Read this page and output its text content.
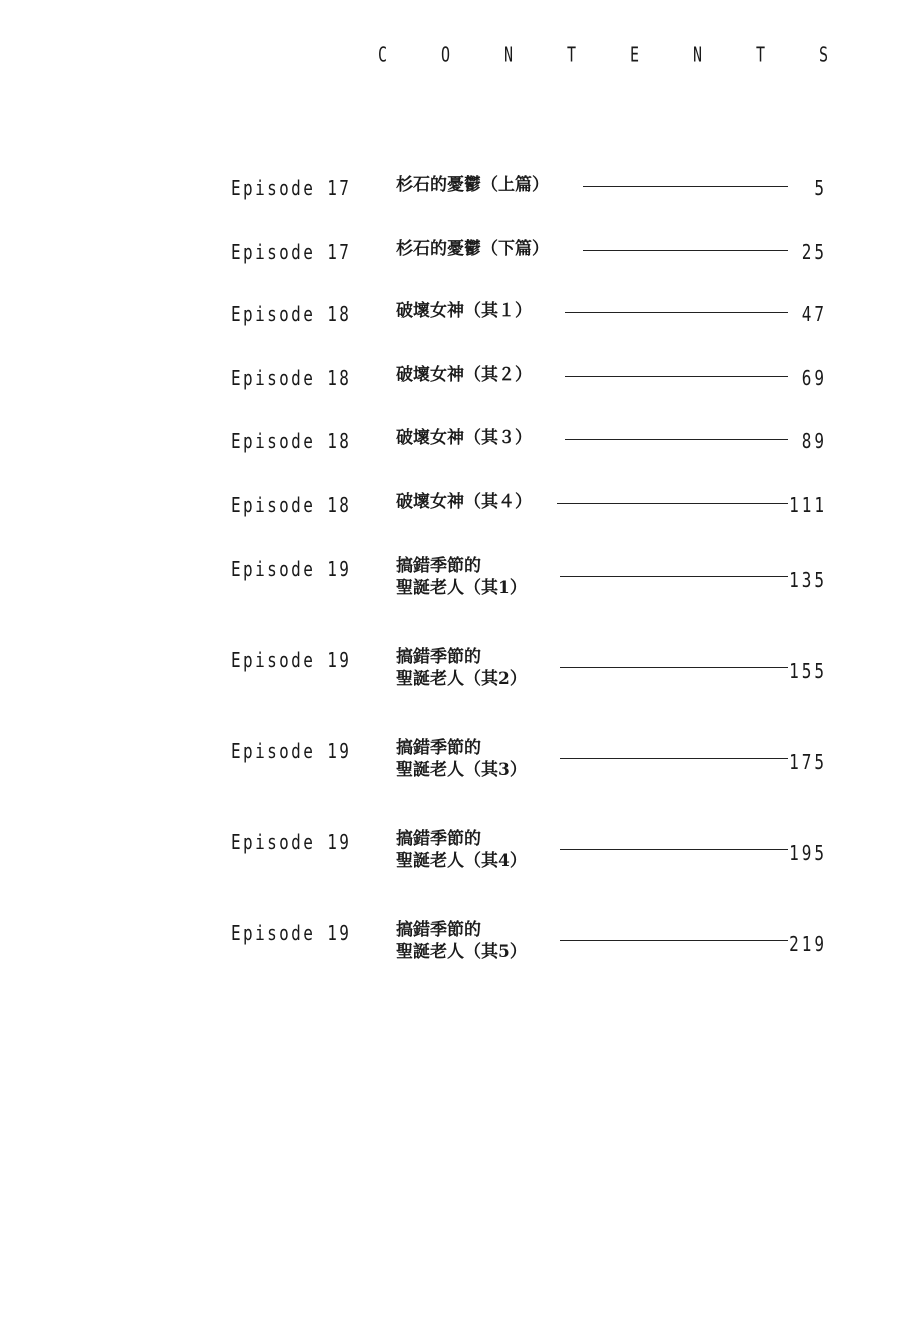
C	O	N	T	E	N	T	S
Episode 17	杉石的憂鬱（上篇）	5
Episode 17	杉石的憂鬱（下篇）	25
Episode 18	破壞女神（其１）	47
Episode 18	破壞女神（其２）	69
Episode 18	破壞女神（其３）	89
Episode 18	破壞女神（其４）	111
Episode 19	搞錯季節的
聖誕老人（其1）	135
Episode 19	搞錯季節的
聖誕老人（其2）	155
Episode 19	搞錯季節的
聖誕老人（其3）	175
Episode 19	搞錯季節的
聖誕老人（其4）	195
Episode 19	搞錯季節的
聖誕老人（其5）	219
